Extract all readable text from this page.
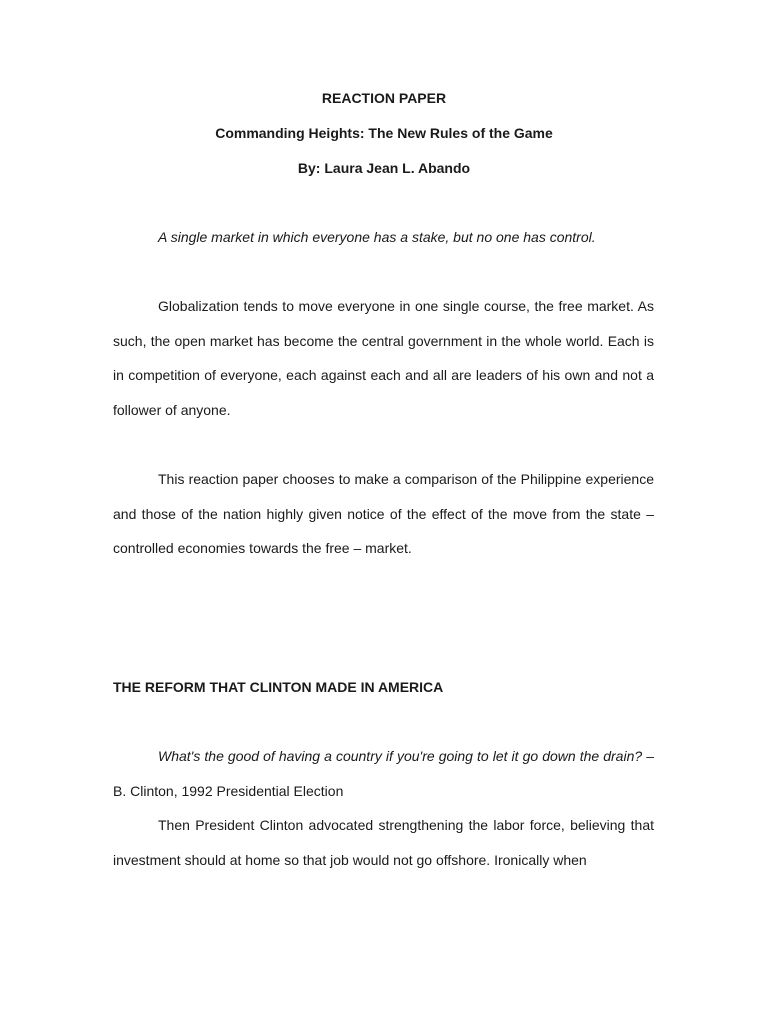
REACTION PAPER
Commanding Heights: The New Rules of the Game
By: Laura Jean L. Abando
A single market in which everyone has a stake, but no one has control.

Globalization tends to move everyone in one single course, the free market. As such, the open market has become the central government in the whole world. Each is in competition of everyone, each against each and all are leaders of his own and not a follower of anyone.

This reaction paper chooses to make a comparison of the Philippine experience and those of the nation highly given notice of the effect of the move from the state – controlled economies towards the free – market.

THE REFORM THAT CLINTON MADE IN AMERICA

What's the good of having a country if you're going to let it go down the drain? – B. Clinton, 1992 Presidential Election

Then President Clinton advocated strengthening the labor force, believing that investment should at home so that job would not go offshore. Ironically when
